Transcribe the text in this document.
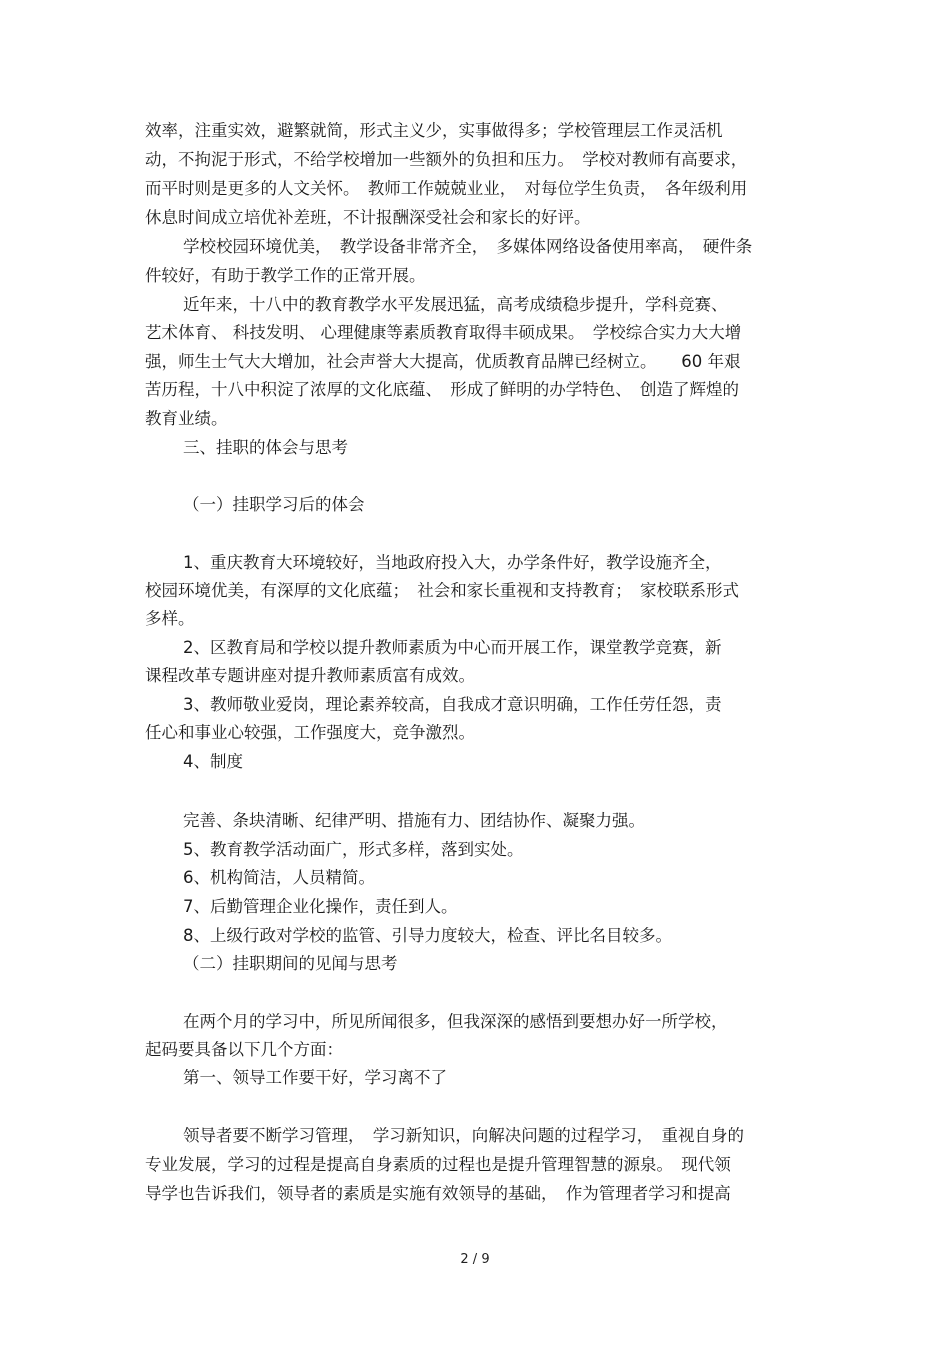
效率，注重实效，避繁就简，形式主义少，实事做得多；学校管理层工作灵活机

动，不拘泥于形式，不给学校增加一些额外的负担和压力。　学校对教师有高要求，

而平时则是更多的人文关怀。　教师工作兢兢业业，　对每位学生负责，　各年级利用

休息时间成立培优补差班，不计报酬深受社会和家长的好评。

学校校园环境优美，　教学设备非常齐全，　多媒体网络设备使用率高，　硬件条

件较好，有助于教学工作的正常开展。

近年来，十八中的教育教学水平发展迅猛，高考成绩稳步提升，学科竞赛、

艺术体育、 科技发明、 心理健康等素质教育取得丰硕成果。　学校综合实力大大增

强，师生士气大大增加，社会声誉大大提高，优质教育品牌已经树立。　　60 年艰

苦历程，十八中积淀了浓厚的文化底蕴、　形成了鲜明的办学特色、　创造了辉煌的

教育业绩。

三、挂职的体会与思考

（一）挂职学习后的体会

1、重庆教育大环境较好，当地政府投入大，办学条件好，教学设施齐全，

校园环境优美，有深厚的文化底蕴；　社会和家长重视和支持教育；　家校联系形式

多样。

2、区教育局和学校以提升教师素质为中心而开展工作，课堂教学竞赛，新

课程改革专题讲座对提升教师素质富有成效。

3、教师敬业爱岗，理论素养较高，自我成才意识明确，工作任劳任怨，责

任心和事业心较强，工作强度大，竞争激烈。

4、制度

完善、条块清晰、纪律严明、措施有力、团结协作、凝聚力强。

5、教育教学活动面广，形式多样，落到实处。

6、机构简洁，人员精简。

7、后勤管理企业化操作，责任到人。

8、上级行政对学校的监管、引导力度较大，检查、评比名目较多。

（二）挂职期间的见闻与思考

在两个月的学习中，所见所闻很多，但我深深的感悟到要想办好一所学校，

起码要具备以下几个方面：

第一、领导工作要干好，学习离不了

领导者要不断学习管理，　学习新知识，向解决问题的过程学习，　重视自身的

专业发展，学习的过程是提高自身素质的过程也是提升管理智慧的源泉。　现代领

导学也告诉我们，领导者的素质是实施有效领导的基础，　作为管理者学习和提高

2 / 9
